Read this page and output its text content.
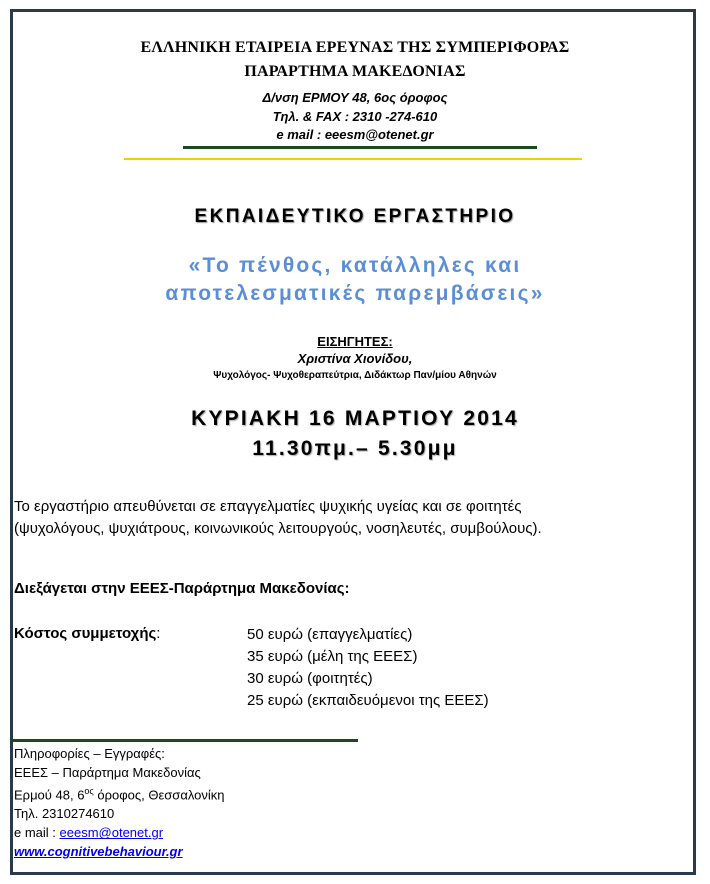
ΕΛΛΗΝΙΚΗ ΕΤΑΙΡΕΙΑ ΕΡΕΥΝΑΣ ΤΗΣ ΣΥΜΠΕΡΙΦΟΡΑΣ
ΠΑΡΑΡΤΗΜΑ ΜΑΚΕΔΟΝΙΑΣ
Δ/νση ΕΡΜΟΥ 48, 6ος όροφος
Τηλ. & FAX : 2310 -274-610
e mail : eeesm@otenet.gr
ΕΚΠΑΙΔΕΥΤΙΚΟ ΕΡΓΑΣΤΗΡΙΟ
«Το πένθος, κατάλληλες και
αποτελεσματικές παρεμβάσεις»
ΕΙΣΗΓΗΤΕΣ:
Χριστίνα Χιονίδου,
Ψυχολόγος- Ψυχοθεραπεύτρια, Διδάκτωρ Παν/μίου Αθηνών
ΚΥΡΙΑΚΗ 16 ΜΑΡΤΙΟΥ 2014
11.30πμ.– 5.30μμ
Το εργαστήριο απευθύνεται σε επαγγελματίες ψυχικής υγείας και σε φοιτητές
(ψυχολόγους, ψυχιάτρους, κοινωνικούς λειτουργούς, νοσηλευτές, συμβούλους).
Διεξάγεται στην ΕΕΕΣ-Παράρτημα Μακεδονίας:
Κόστος συμμετοχής:	50 ευρώ (επαγγελματίες)
35 ευρώ (μέλη της ΕΕΕΣ)
30 ευρώ (φοιτητές)
25 ευρώ (εκπαιδευόμενοι της ΕΕΕΣ)
Πληροφορίες – Εγγραφές:
ΕΕΕΣ – Παράρτημα Μακεδονίας
Ερμού 48, $6^{o\varsigma}$ όροφος, Θεσσαλονίκη
Τηλ. 2310274610
e mail : eeesm@otenet.gr
www.cognitivebehaviour.gr
